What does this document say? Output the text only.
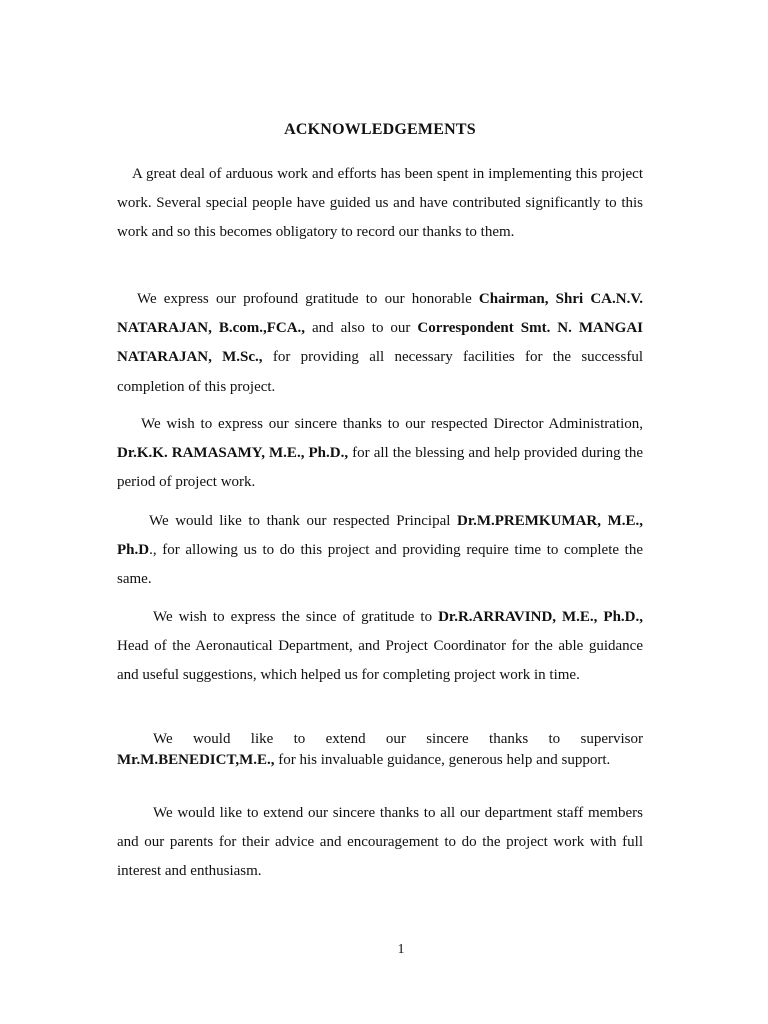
ACKNOWLEDGEMENTS

A great deal of arduous work and efforts has been spent in implementing this project work. Several special people have guided us and have contributed significantly to this work and so this becomes obligatory to record our thanks to them.

We express our profound gratitude to our honorable Chairman, Shri CA.N.V. NATARAJAN, B.com.,FCA., and also to our Correspondent Smt. N. MANGAI NATARAJAN, M.Sc., for providing all necessary facilities for the successful completion of this project.

We wish to express our sincere thanks to our respected Director Administration, Dr.K.K. RAMASAMY, M.E., Ph.D., for all the blessing and help provided during the period of project work.

We would like to thank our respected Principal Dr.M.PREMKUMAR, M.E., Ph.D., for allowing us to do this project and providing require time to complete the same.

We wish to express the since of gratitude to Dr.R.ARRAVIND, M.E., Ph.D., Head of the Aeronautical Department, and Project Coordinator for the able guidance and useful suggestions, which helped us for completing project work in time.

We would like to extend our sincere thanks to supervisor Mr.M.BENEDICT,M.E., for his invaluable guidance, generous help and support.

We would like to extend our sincere thanks to all our department staff members and our parents for their advice and encouragement to do the project work with full interest and enthusiasm.

1
